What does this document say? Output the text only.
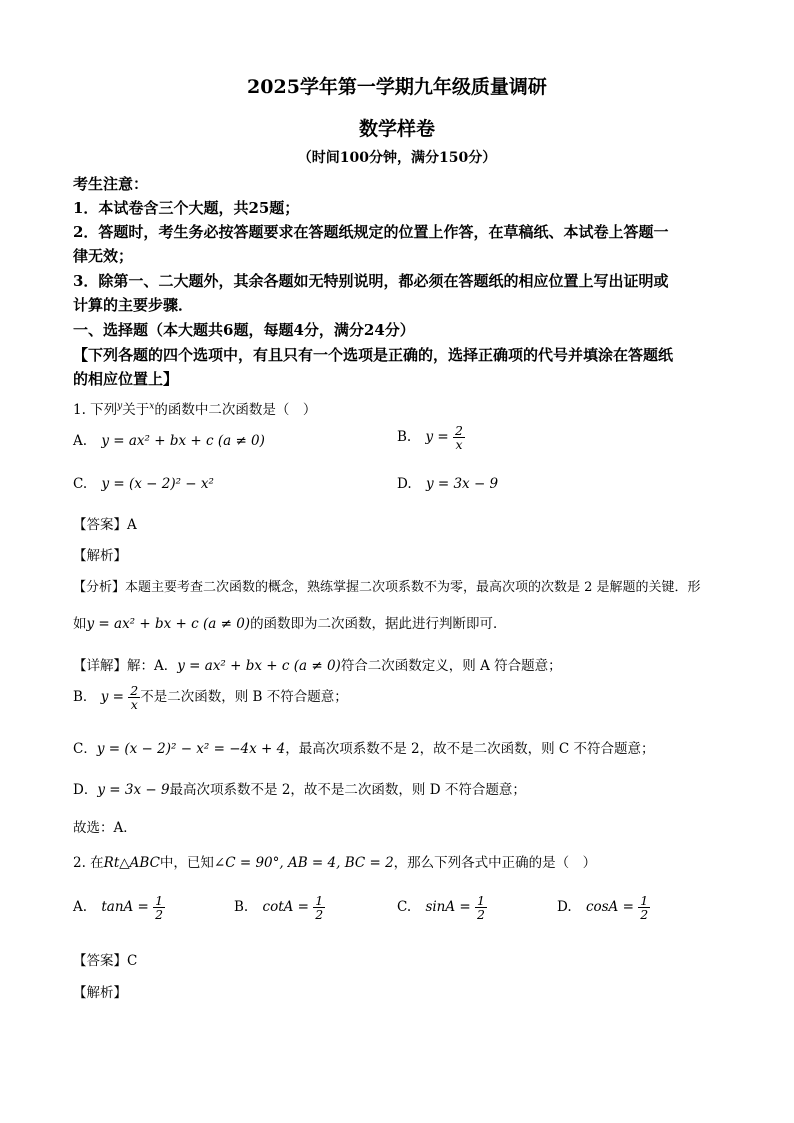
2025学年第一学期九年级质量调研
数学样卷
（时间100分钟，满分150分）
考生注意：
1．本试卷含三个大题，共25题；
2．答题时，考生务必按答题要求在答题纸规定的位置上作答，在草稿纸、本试卷上答题一
律无效；
3．除第一、二大题外，其余各题如无特别说明，都必须在答题纸的相应位置上写出证明或
计算的主要步骤．
一、选择题（本大题共6题，每题4分，满分24分）
【下列各题的四个选项中，有且只有一个选项是正确的，选择正确项的代号并填涂在答题纸
的相应位置上】
1. 下列$^y$关于$^x$的函数中二次函数是（　）
A. y = ax² + bx + c (a ≠ 0)	B. $y = \frac{2}{x}$
C. y = (x − 2)² − x²	D. y = 3x − 9
【答案】A
【解析】
【分析】本题主要考查二次函数的概念，熟练掌握二次项系数不为零，最高次项的次数是 2 是解题的关键．形
如y = ax² + bx + c (a ≠ 0)的函数即为二次函数，据此进行判断即可．
【详解】解：A．y = ax² + bx + c (a ≠ 0)符合二次函数定义，则 A 符合题意；
B． $y = \frac{2}{x}$ 不是二次函数，则 B 不符合题意；
C．y = (x − 2)² − x² = −4x + 4，最高次项系数不是 2，故不是二次函数，则 C 不符合题意；
D．y = 3x − 9最高次项系数不是 2，故不是二次函数，则 D 不符合题意；
故选：A．
2. 在Rt△ABC中，已知∠C = 90°, AB = 4, BC = 2，那么下列各式中正确的是（　）
A. $\tan A = \frac{1}{2}$	B. $\cot A = \frac{1}{2}$	C. $\sin A = \frac{1}{2}$	D. $\cos A = \frac{1}{2}$
【答案】C
【解析】
